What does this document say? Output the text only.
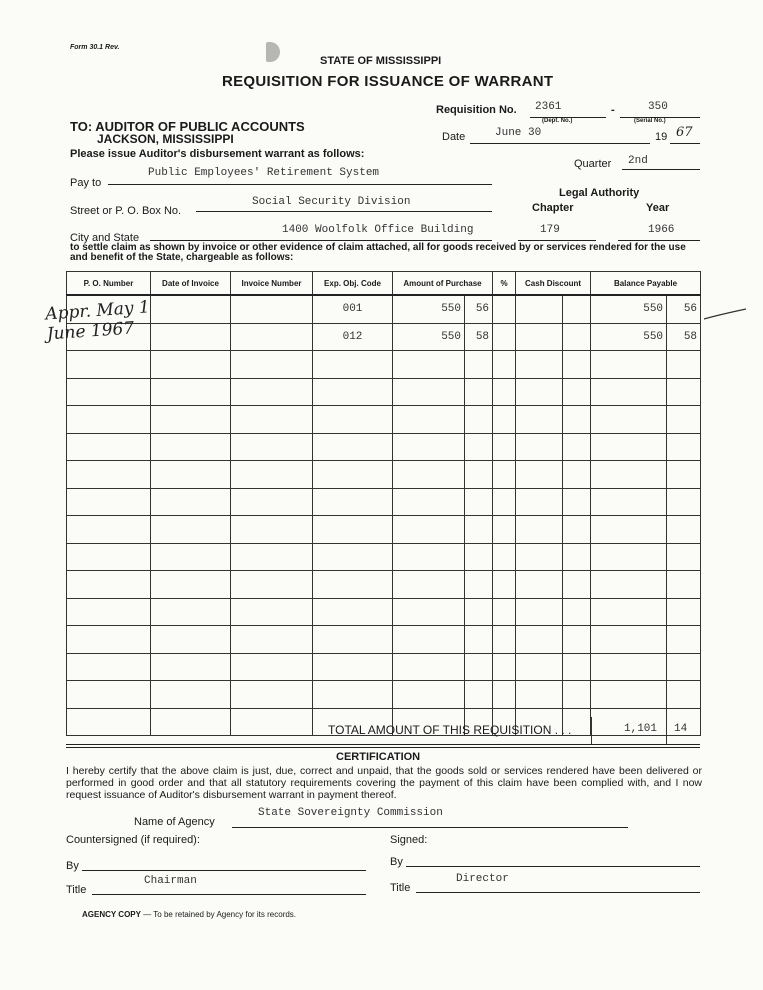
Form 30.1 Rev.
STATE OF MISSISSIPPI
REQUISITION FOR ISSUANCE OF WARRANT
TO: AUDITOR OF PUBLIC ACCOUNTS
JACKSON, MISSISSIPPI
Please issue Auditor's disbursement warrant as follows:
Requisition No. 2361	-	350
(Dept. No.)	(Serial No.)
Date	June 30	19 67
Quarter 2nd
Pay to
Public Employees' Retirement System
Legal Authority
Chapter	Year
Street or P. O. Box No.
Social Security Division
City and State
1400 Woolfolk Office Building	179	1966
to settle claim as shown by invoice or other evidence of claim attached, all for goods received by or services rendered for the use and benefit of the State, chargeable as follows:
P. O. Number	Date of Invoice	Invoice Number	Exp. Obj. Code	Amount of Purchase		%	Cash Discount		Balance Payable	
			001	550	56				550	56
			012	550	58				550	58

Appr. May 1 June 1967
TOTAL AMOUNT OF THIS REQUISITION . . .	1,101 14
CERTIFICATION
I hereby certify that the above claim is just, due, correct and unpaid, that the goods sold or services rendered have been delivered or performed in good order and that all statutory requirements covering the payment of this claim have been complied with, and I now request issuance of Auditor's disbursement warrant in payment thereof.
Name of Agency
State Sovereignty Commission
Countersigned (if required):	Signed:
By	By
Title
Chairman
Title
Director
AGENCY COPY — To be retained by Agency for its records.
